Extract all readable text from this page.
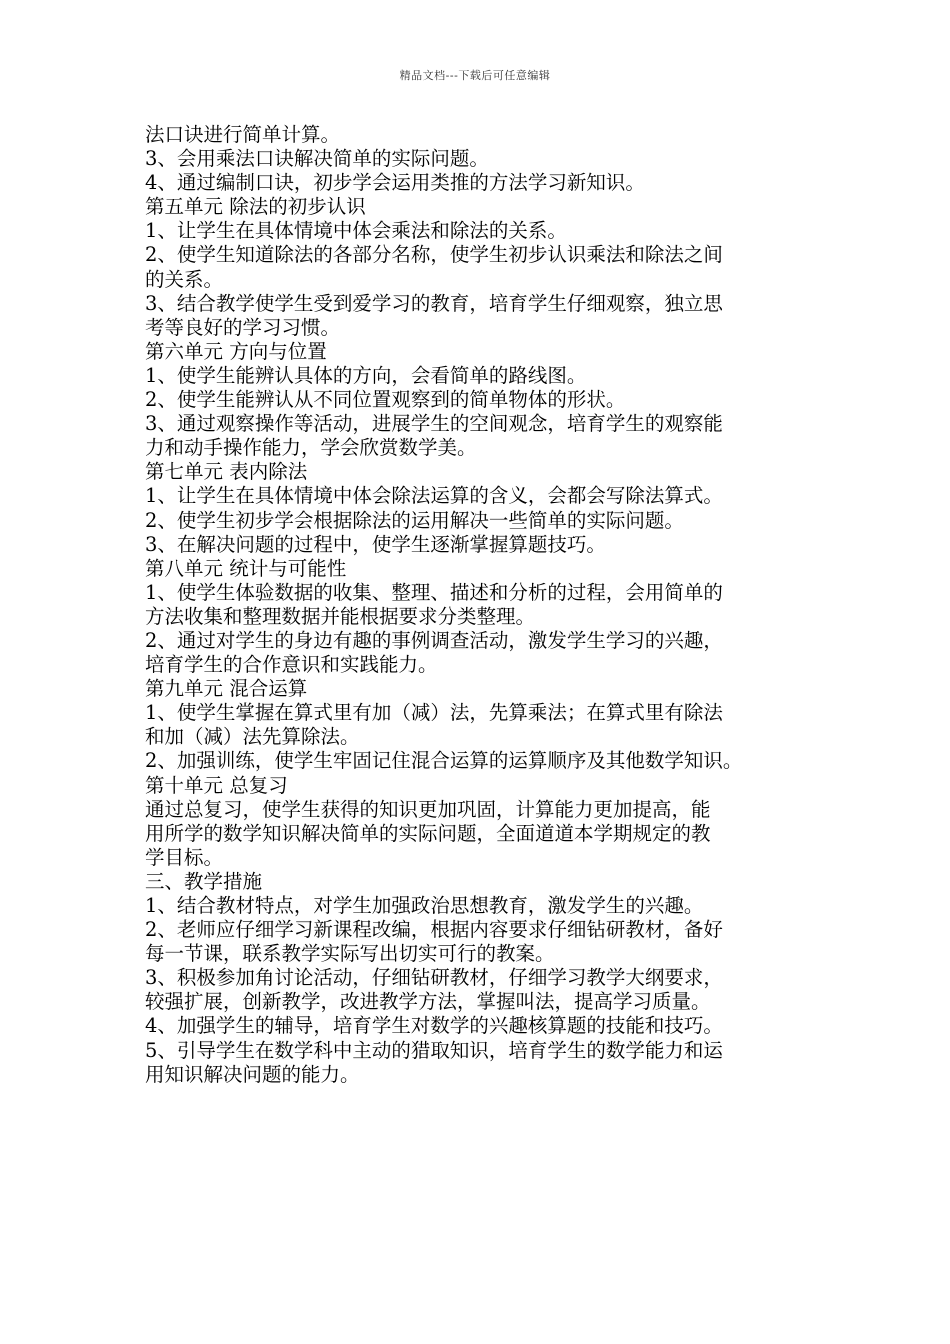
精品文档---下载后可任意编辑
法口诀进行简单计算。
3、会用乘法口诀解决简单的实际问题。
4、通过编制口诀，初步学会运用类推的方法学习新知识。
第五单元 除法的初步认识
1、让学生在具体情境中体会乘法和除法的关系。
2、使学生知道除法的各部分名称，使学生初步认识乘法和除法之间
的关系。
3、结合教学使学生受到爱学习的教育，培育学生仔细观察，独立思
考等良好的学习习惯。
第六单元 方向与位置
1、使学生能辨认具体的方向，会看简单的路线图。
2、使学生能辨认从不同位置观察到的简单物体的形状。
3、通过观察操作等活动，进展学生的空间观念，培育学生的观察能
力和动手操作能力，学会欣赏数学美。
第七单元 表内除法
1、让学生在具体情境中体会除法运算的含义，会都会写除法算式。
2、使学生初步学会根据除法的运用解决一些简单的实际问题。
3、在解决问题的过程中，使学生逐渐掌握算题技巧。
第八单元 统计与可能性
1、使学生体验数据的收集、整理、描述和分析的过程，会用简单的
方法收集和整理数据并能根据要求分类整理。
2、通过对学生的身边有趣的事例调查活动，激发学生学习的兴趣，
培育学生的合作意识和实践能力。
第九单元 混合运算
1、使学生掌握在算式里有加（减）法，先算乘法；在算式里有除法
和加（减）法先算除法。
2、加强训练，使学生牢固记住混合运算的运算顺序及其他数学知识。
第十单元 总复习
通过总复习，使学生获得的知识更加巩固，计算能力更加提高，能
用所学的数学知识解决简单的实际问题，全面道道本学期规定的教
学目标。
三、教学措施
1、结合教材特点，对学生加强政治思想教育，激发学生的兴趣。
2、老师应仔细学习新课程改编，根据内容要求仔细钻研教材，备好
每一节课，联系教学实际写出切实可行的教案。
3、积极参加角讨论活动，仔细钻研教材，仔细学习教学大纲要求，
较强扩展，创新教学，改进教学方法，掌握叫法，提高学习质量。
4、加强学生的辅导，培育学生对数学的兴趣核算题的技能和技巧。
5、引导学生在数学科中主动的猎取知识，培育学生的数学能力和运
用知识解决问题的能力。
